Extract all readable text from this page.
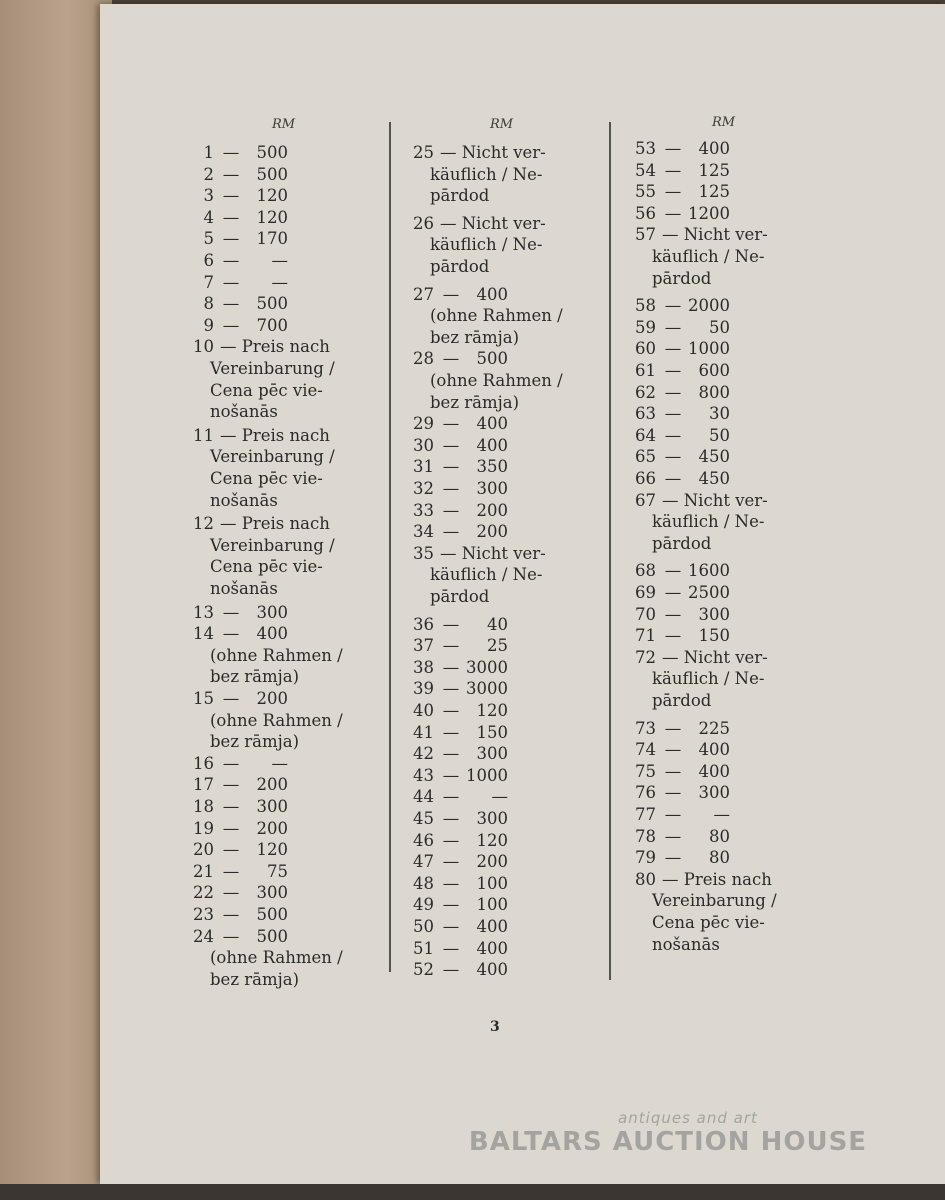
RM	RM	RM
1 — 500
2 — 500
3 — 120
4 — 120
5 — 170
6 — —
7 — —
8 — 500
9 — 700
10 — Preis nach
Vereinbarung /
Cena pēc vie-
nošanās
11 — Preis nach
Vereinbarung /
Cena pēc vie-
nošanās
12 — Preis nach
Vereinbarung /
Cena pēc vie-
nošanās
13 — 300
14 — 400
(ohne Rahmen /
bez rāmja)
15 — 200
(ohne Rahmen /
bez rāmja)
16 — —
17 — 200
18 — 300
19 — 200
20 — 120
21 — 75
22 — 300
23 — 500
24 — 500
(ohne Rahmen /
bez rāmja)
25 — Nicht ver-
käuflich / Ne-
pārdod
26 — Nicht ver-
käuflich / Ne-
pārdod
27 — 400
(ohne Rahmen /
bez rāmja)
28 — 500
(ohne Rahmen /
bez rāmja)
29 — 400
30 — 400
31 — 350
32 — 300
33 — 200
34 — 200
35 — Nicht ver-
käuflich / Ne-
pārdod
36 — 40
37 — 25
38 — 3000
39 — 3000
40 — 120
41 — 150
42 — 300
43 — 1000
44 — —
45 — 300
46 — 120
47 — 200
48 — 100
49 — 100
50 — 400
51 — 400
52 — 400
53 — 400
54 — 125
55 — 125
56 — 1200
57 — Nicht ver-
käuflich / Ne-
pārdod
58 — 2000
59 — 50
60 — 1000
61 — 600
62 — 800
63 — 30
64 — 50
65 — 450
66 — 450
67 — Nicht ver-
käuflich / Ne-
pārdod
68 — 1600
69 — 2500
70 — 300
71 — 150
72 — Nicht ver-
käuflich / Ne-
pārdod
73 — 225
74 — 400
75 — 400
76 — 300
77 — —
78 — 80
79 — 80
80 — Preis nach
Vereinbarung /
Cena pēc vie-
nošanās
3
antiques and art
BALTARS AUCTION HOUSE
